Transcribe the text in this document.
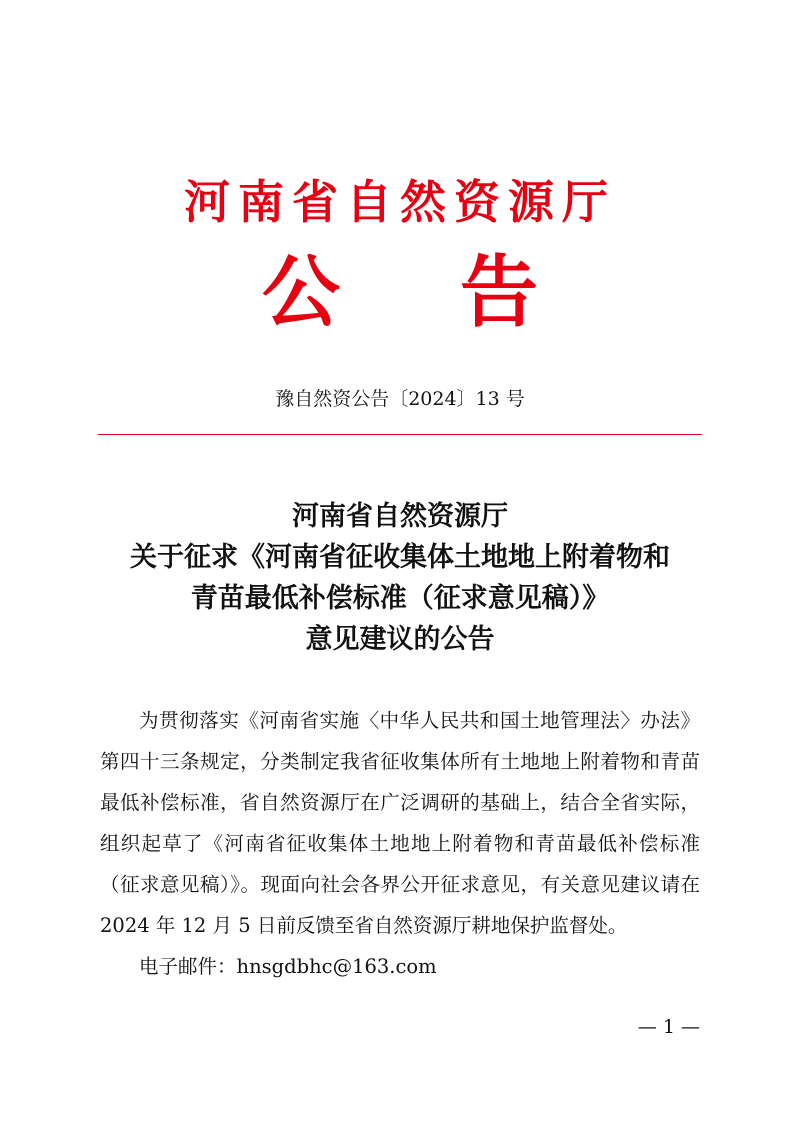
河南省自然资源厅
公告
豫自然资公告〔2024〕13 号
河南省自然资源厅
关于征求《河南省征收集体土地地上附着物和
青苗最低补偿标准（征求意见稿）》
意见建议的公告

为贯彻落实《河南省实施〈中华人民共和国土地管理法〉办法》第四十三条规定，分类制定我省征收集体所有土地地上附着物和青苗最低补偿标准，省自然资源厅在广泛调研的基础上，结合全省实际，组织起草了《河南省征收集体土地地上附着物和青苗最低补偿标准（征求意见稿）》。现面向社会各界公开征求意见，有关意见建议请在 2024 年 12 月 5 日前反馈至省自然资源厅耕地保护监督处。

电子邮件：hnsgdbhc@163.com

— 1 —
